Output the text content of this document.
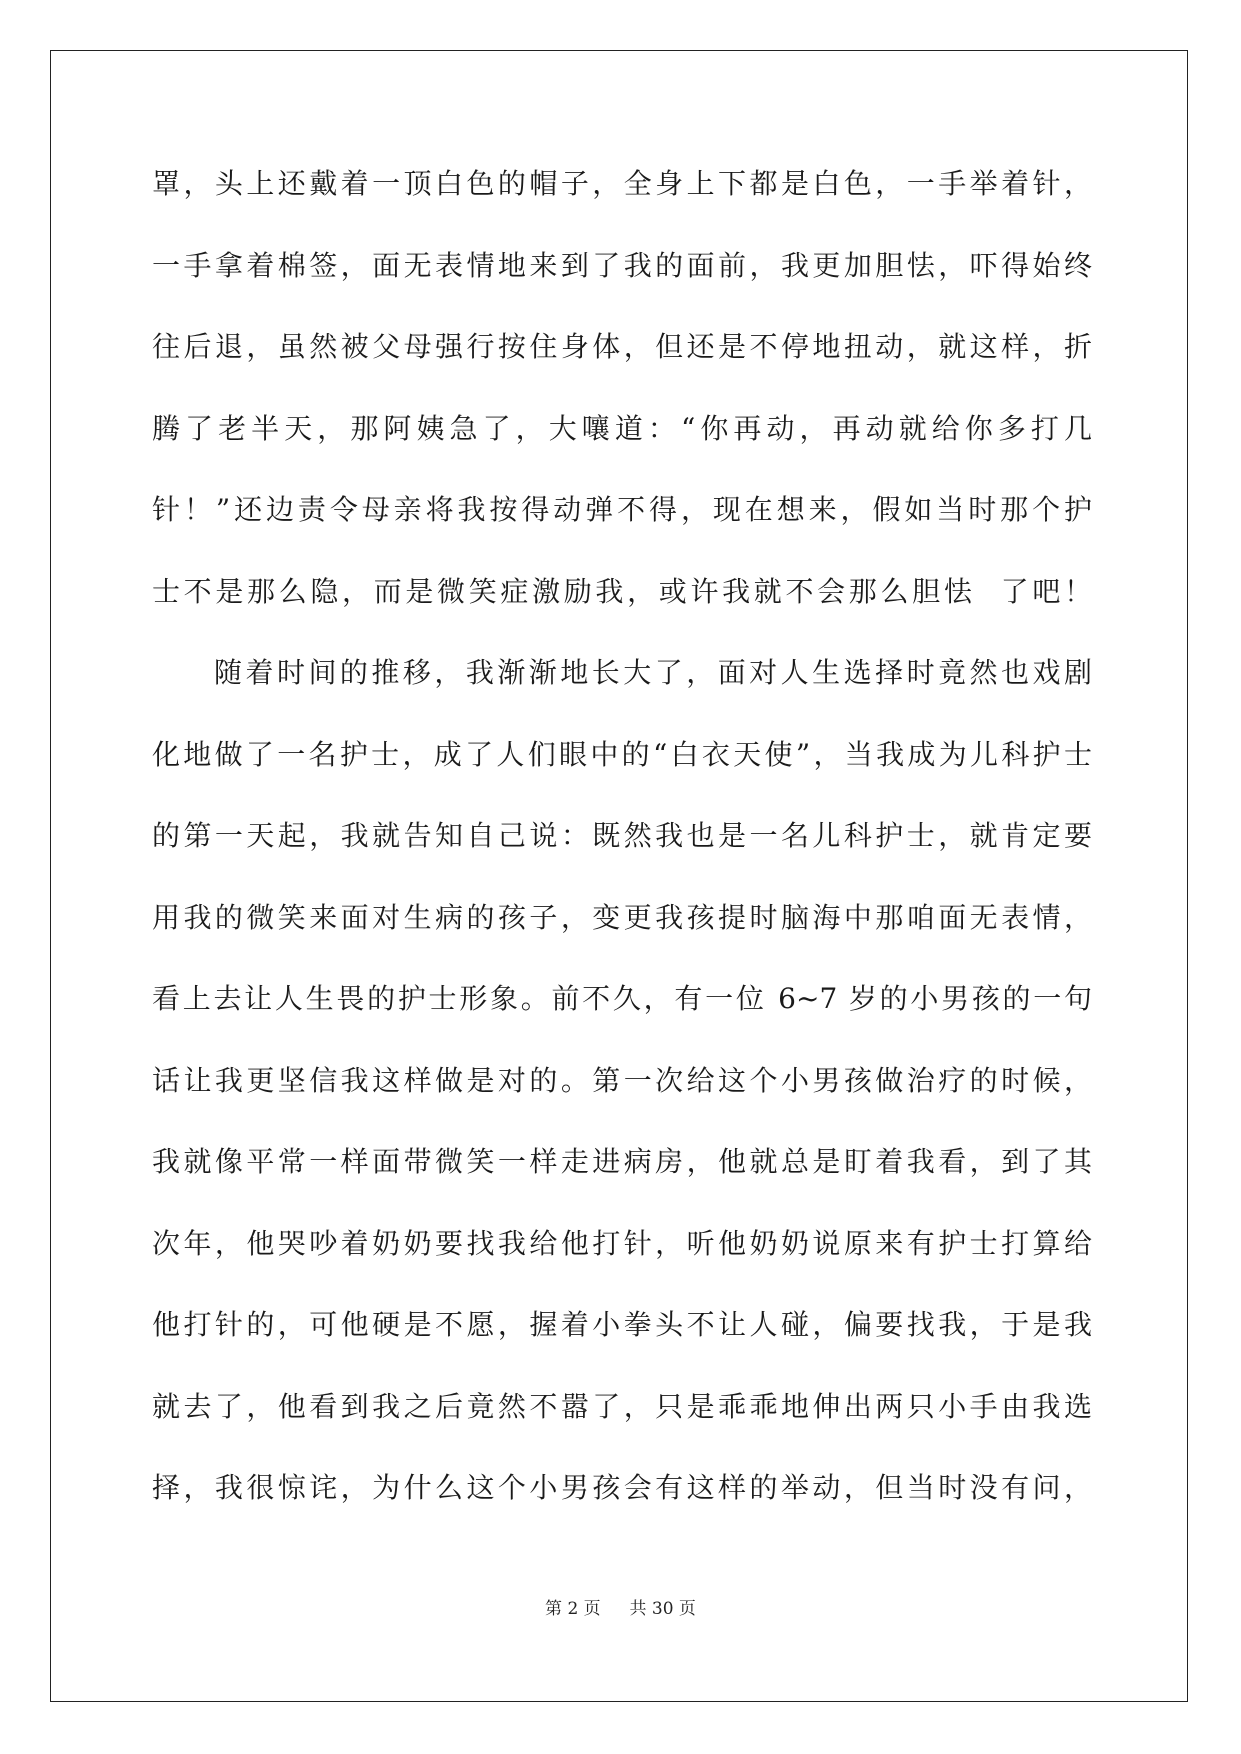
罩，头上还戴着一顶白色的帽子，全身上下都是白色，一手举着针，
一手拿着棉签，面无表情地来到了我的面前，我更加胆怯，吓得始终
往后退，虽然被父母强行按住身体，但还是不停地扭动，就这样，折
腾了老半天，那阿姨急了，大嚷道：“你再动，再动就给你多打几
针！”还边责令母亲将我按得动弹不得，现在想来，假如当时那个护
士不是那么隐，而是微笑症激励我，或许我就不会那么胆怯  了吧！
随着时间的推移，我渐渐地长大了，面对人生选择时竟然也戏剧
化地做了一名护士，成了人们眼中的“白衣天使”，当我成为儿科护士
的第一天起，我就告知自己说：既然我也是一名儿科护士，就肯定要
用我的微笑来面对生病的孩子，变更我孩提时脑海中那咱面无表情，
看上去让人生畏的护士形象。前不久，有一位 6~7 岁的小男孩的一句
话让我更坚信我这样做是对的。第一次给这个小男孩做治疗的时候，
我就像平常一样面带微笑一样走进病房，他就总是盯着我看，到了其
次年，他哭吵着奶奶要找我给他打针，听他奶奶说原来有护士打算给
他打针的，可他硬是不愿，握着小拳头不让人碰，偏要找我，于是我
就去了，他看到我之后竟然不嚣了，只是乖乖地伸出两只小手由我选
择，我很惊诧，为什么这个小男孩会有这样的举动，但当时没有问，
第 2 页 共 30 页
